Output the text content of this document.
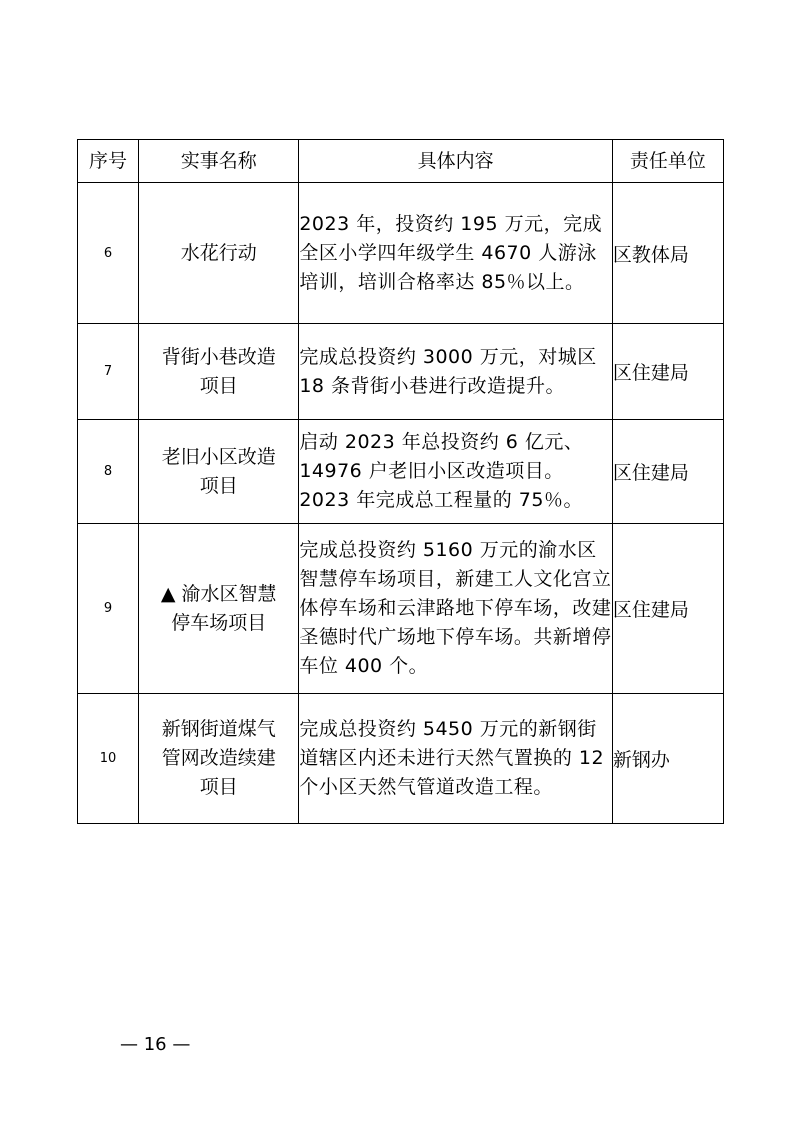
序号	实事名称	具体内容	责任单位
6	水花行动	2023 年，投资约 195 万元，完成全区小学四年级学生 4670 人游泳培训，培训合格率达 85％以上。	区教体局
7	背街小巷改造项目	完成总投资约 3000 万元，对城区 18 条背街小巷进行改造提升。	区住建局
8	老旧小区改造项目	启动 2023 年总投资约 6 亿元、14976 户老旧小区改造项目。2023 年完成总工程量的 75％。	区住建局
9	▲ 渝水区智慧停车场项目	完成总投资约 5160 万元的渝水区智慧停车场项目，新建工人文化宫立体停车场和云津路地下停车场，改建圣德时代广场地下停车场。共新增停车位 400 个。	区住建局
10	新钢街道煤气管网改造续建项目	完成总投资约 5450 万元的新钢街道辖区内还未进行天然气置换的 12 个小区天然气管道改造工程。	新钢办
— 16 —
